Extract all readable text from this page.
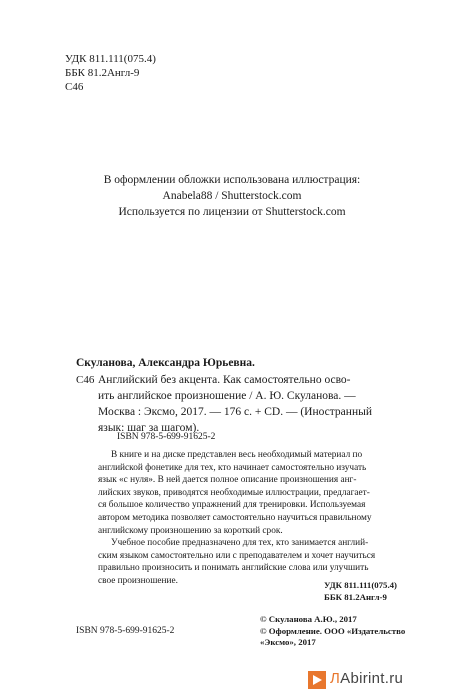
УДК 811.111(075.4)
ББК 81.2Англ-9
С46
В оформлении обложки использована иллюстрация:
Anabela88 / Shutterstock.com
Используется по лицензии от Shutterstock.com
Скуланова, Александра Юрьевна.
С46 Английский без акцента. Как самостоятельно осво-
ить английское произношение / А. Ю. Скуланова. —
Москва : Эксмо, 2017. — 176 с. + CD. — (Иностранный
язык: шаг за шагом).
ISBN 978-5-699-91625-2
В книге и на диске представлен весь необходимый материал по
английской фонетике для тех, кто начинает самостоятельно изучать
язык «с нуля». В ней дается полное описание произношения анг-
лийских звуков, приводятся необходимые иллюстрации, предлагает-
ся большое количество упражнений для тренировки. Используемая
автором методика позволяет самостоятельно научиться правильному
английскому произношению за короткий срок.
Учебное пособие предназначено для тех, кто занимается англий-
ским языком самостоятельно или с преподавателем и хочет научиться
правильно произносить и понимать английские слова или улучшить
свое произношение.	УДК 811.111(075.4)
ББК 81.2Англ-9
ISBN 978-5-699-91625-2
© Скуланова А.Ю., 2017
© Оформление. ООО «Издательство
«Эксмо», 2017
ЛАbirint.ru
